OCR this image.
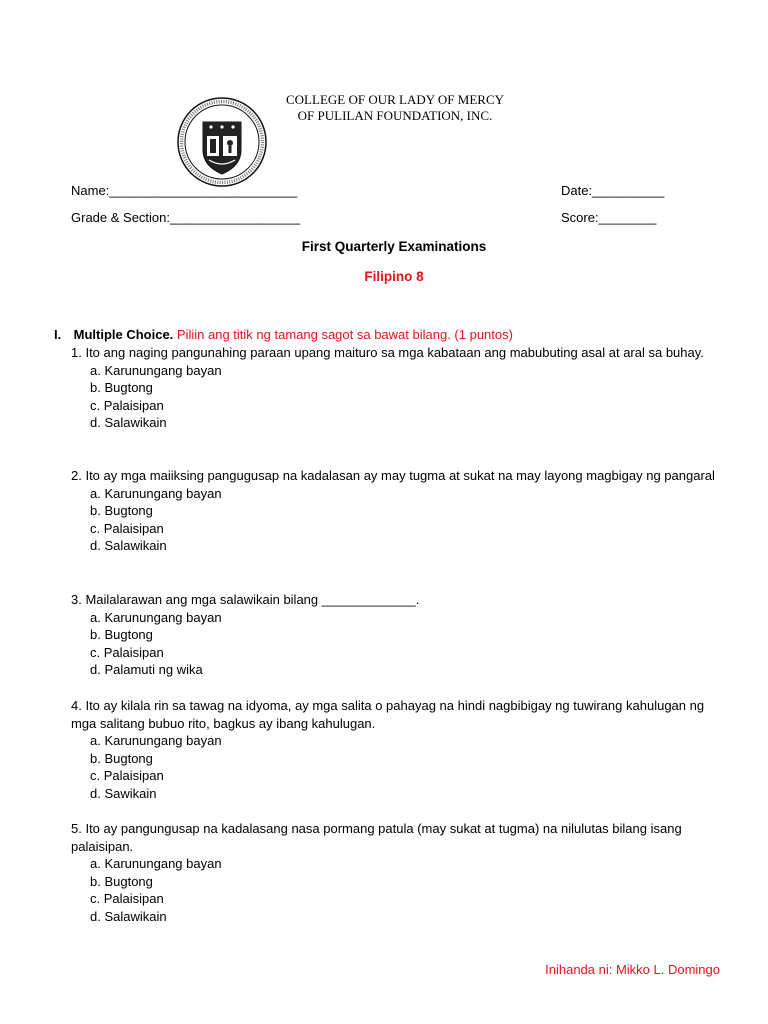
COLLEGE OF OUR LADY OF MERCY
OF PULILAN FOUNDATION, INC.
Name:__________________________	Date:__________
Grade & Section:__________________	Score:________
First Quarterly Examinations
Filipino 8
I. Multiple Choice. Piliin ang titik ng tamang sagot sa bawat bilang. (1 puntos)

1. Ito ang naging pangunahing paraan upang maituro sa mga kabataan ang mabubuting asal at aral sa buhay.

a. Karunungang bayan

b. Bugtong

c. Palaisipan

d. Salawikain

2. Ito ay mga maiiksing pangugusap na kadalasan ay may tugma at sukat na may layong magbigay ng pangaral

a. Karunungang bayan

b. Bugtong

c. Palaisipan

d. Salawikain

3. Mailalarawan ang mga salawikain bilang _____________.

a. Karunungang bayan

b. Bugtong

c. Palaisipan

d. Palamuti ng wika

4. Ito ay kilala rin sa tawag na idyoma, ay mga salita o pahayag na hindi nagbibigay ng tuwirang kahulugan ng mga salitang bubuo rito, bagkus ay ibang kahulugan.

a. Karunungang bayan

b. Bugtong

c. Palaisipan

d. Sawikain

5. Ito ay pangungusap na kadalasang nasa pormang patula (may sukat at tugma) na nilulutas bilang isang palaisipan.

a. Karunungang bayan

b. Bugtong

c. Palaisipan

d. Salawikain

Inihanda ni: Mikko L. Domingo
